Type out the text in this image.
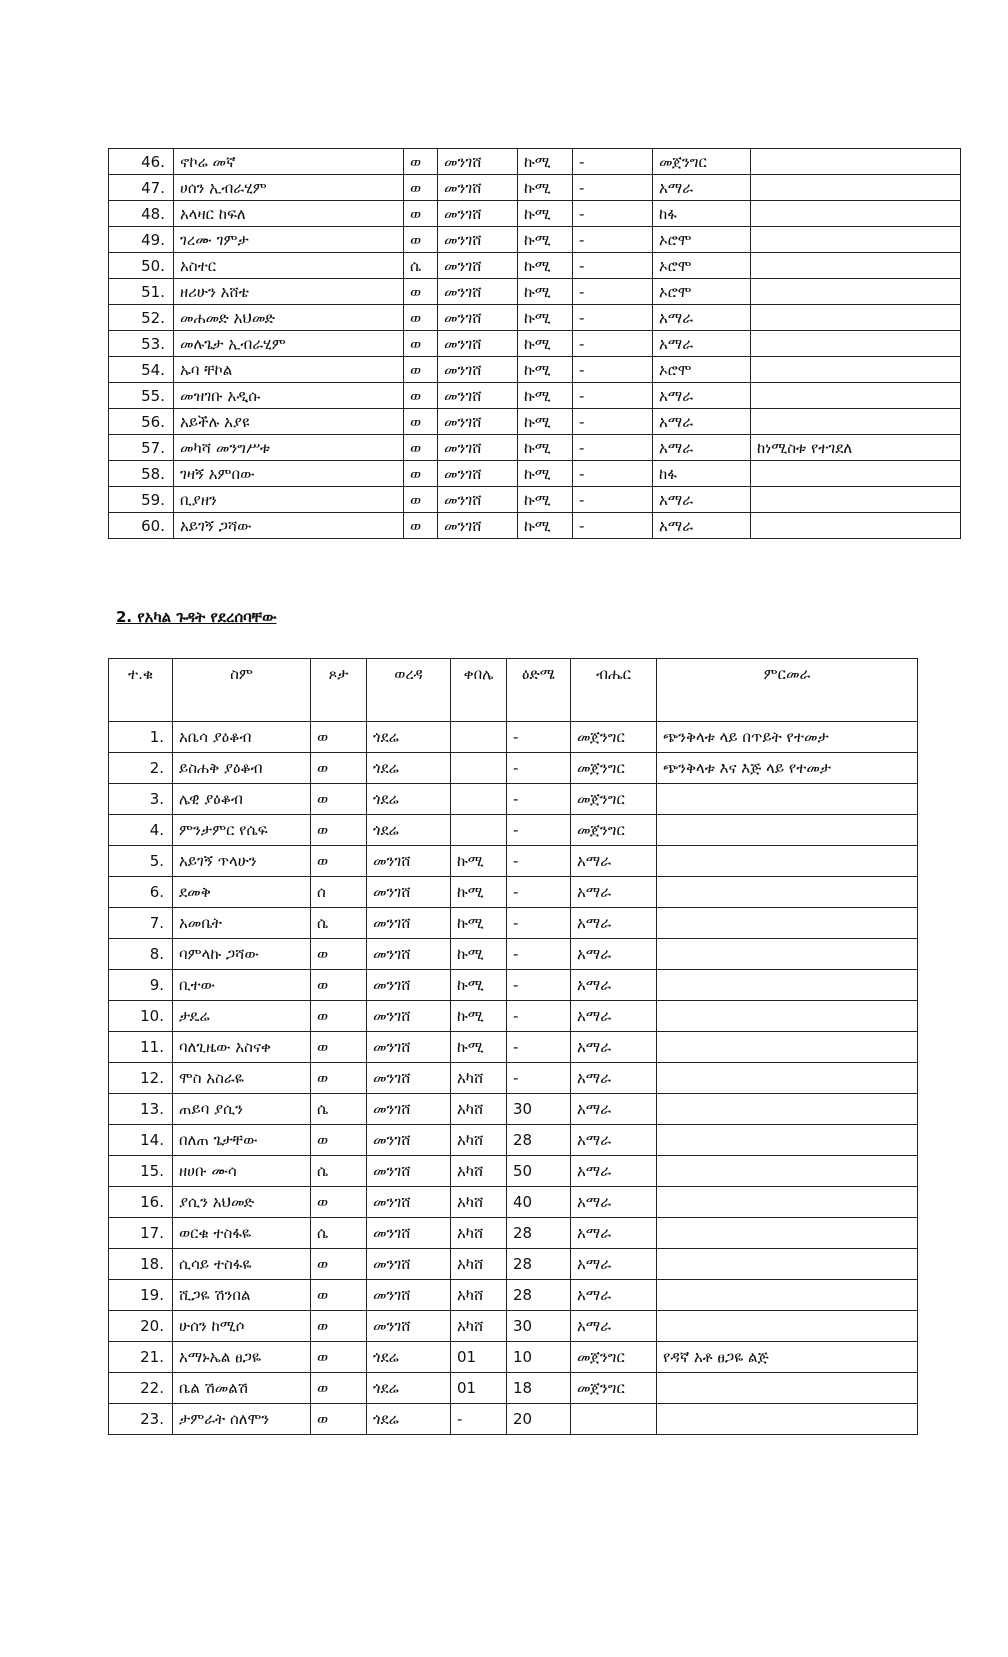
46.	ኖኮሬ መኛ	ወ	መንገሸ	ኩሚ	-	መጀንግር	
47.	ሀሰን ኢብራሂም	ወ	መንገሸ	ኩሚ	-	አማራ	
48.	አላዛር ከፍለ	ወ	መንገሸ	ኩሚ	-	ከፋ	
49.	ገረሙ ገምታ	ወ	መንገሸ	ኩሚ	-	ኦሮሞ	
50.	አስተር	ሴ	መንገሸ	ኩሚ	-	ኦሮሞ	
51.	ዘሪሁን አሸቴ	ወ	መንገሸ	ኩሚ	-	ኦሮሞ	
52.	መሐመድ አህመድ	ወ	መንገሸ	ኩሚ	-	አማራ	
53.	መሉጌታ ኢብራሂም	ወ	መንገሸ	ኩሚ	-	አማራ	
54.	ኡባ ቸኮል	ወ	መንገሸ	ኩሚ	-	ኦሮሞ	
55.	መዝገቡ አዲሱ	ወ	መንገሸ	ኩሚ	-	አማራ	
56.	አይችሉ አያዩ	ወ	መንገሸ	ኩሚ	-	አማራ	
57.	መካሻ መንግሥቱ	ወ	መንገሸ	ኩሚ	-	አማራ	ከነሚስቱ የተገደለ
58.	ገዛኝ አምበው	ወ	መንገሸ	ኩሚ	-	ከፋ	
59.	ቢያዘን	ወ	መንገሸ	ኩሚ	-	አማራ	
60.	አይገኝ ጋሻው	ወ	መንገሸ	ኩሚ	-	አማራ	
2. የአካል ጉዳት የደረሰባቸው
ተ.ቁ	ስም	ጾታ	ወረዳ	ቀበሌ	ዕድሜ	ብሔር	ምርመራ
1.	አቤሳ ያዕቆብ	ወ	ጎደሬ		-	መጀንግር	ጭንቅላቱ ላይ በጥይት የተመታ
2.	ይስሐቅ ያዕቆብ	ወ	ጎደሬ		-	መጀንግር	ጭንቅላቱ እና እጅ ላይ የተመታ
3.	ሌዊ ያዕቆብ	ወ	ጎደሬ		-	መጀንግር	
4.	ምንታምር የሴፍ	ወ	ጎደሬ		-	መጀንግር	
5.	አይገኝ ጥላሁን	ወ	መንገሸ	ኩሚ	-	አማራ	
6.	ደመቅ	ሰ	መንገሸ	ኩሚ	-	አማራ	
7.	አመቤት	ሴ	መንገሸ	ኩሚ	-	አማራ	
8.	ባምላኩ ጋሻው	ወ	መንገሸ	ኩሚ	-	አማራ	
9.	ቢተው	ወ	መንገሸ	ኩሚ	-	አማራ	
10.	ታዴሬ	ወ	መንገሸ	ኩሚ	-	አማራ	
11.	ባለጊዜው አስናቀ	ወ	መንገሸ	ኩሚ	-	አማራ	
12.	ሞስ አስራዬ	ወ	መንገሸ	አካሸ	-	አማራ	
13.	ጠይባ ያሲን	ሴ	መንገሸ	አካሸ	30	አማራ	
14.	በለጠ ጌታቸው	ወ	መንገሸ	አካሸ	28	አማራ	
15.	ዘሀቡ ሙሳ	ሴ	መንገሸ	አካሸ	50	አማራ	
16.	ያሲን አህመድ	ወ	መንገሸ	አካሸ	40	አማራ	
17.	ወርቁ ተስፋዬ	ሴ	መንገሸ	አካሸ	28	አማራ	
18.	ሲሳይ ተስፋዬ	ወ	መንገሸ	አካሸ	28	አማራ	
19.	ሺጋዬ ሽንበል	ወ	መንገሸ	አካሸ	28	አማራ	
20.	ሁሰን ከሚሶ	ወ	መንገሸ	አካሸ	30	አማራ	
21.	አማኑኤል ፀጋዬ	ወ	ጎደሬ	01	10	መጀንግር	የዳኛ አቶ ፀጋዬ ልጅ
22.	ቤል ሽመልሽ	ወ	ጎደሬ	01	18	መጀንግር	
23.	ታምራት ሰለሞን	ወ	ጎደሬ	-	20		
